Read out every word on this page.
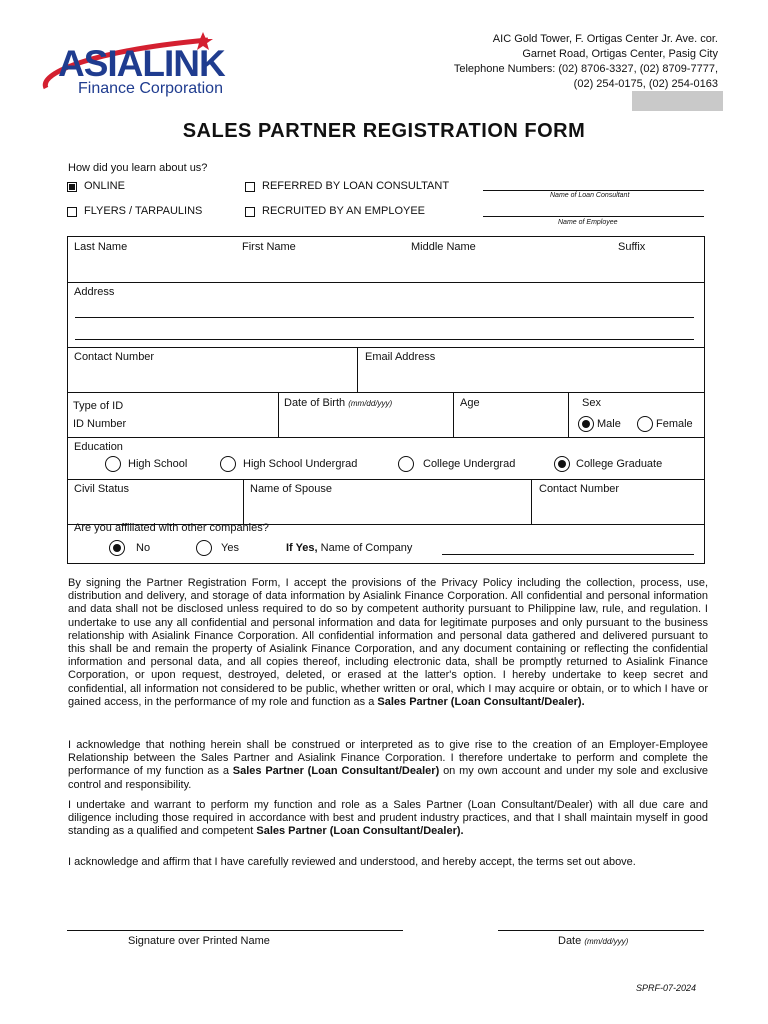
ASIALINK
Finance Corporation
AIC Gold Tower, F. Ortigas Center Jr. Ave. cor.
Garnet Road, Ortigas Center, Pasig City
Telephone Numbers: (02) 8706-3327, (02) 8709-7777,
(02) 254-0175, (02) 254-0163
SALES PARTNER REGISTRATION FORM
How did you learn about us?
ONLINE	REFERRED BY LOAN CONSULTANT
Name of Loan Consultant
FLYERS / TARPAULINS	RECRUITED BY AN EMPLOYEE
Name of Employee
Last Name	First Name	Middle Name	Suffix
Address
Contact Number	Email Address
Type of ID
ID Number
Date of Birth (mm/dd/yyy)	Age	Sex
Male	Female
Education
High School	High School Undergrad	College Undergrad	College Graduate
Civil Status	Name of Spouse	Contact Number
Are you affiliated with other companies?
No	Yes	If Yes, Name of Company
By signing the Partner Registration Form, I accept the provisions of the Privacy Policy including the collection, process, use, distribution and delivery, and storage of data information by Asialink Finance Corporation. All confidential and personal information and data shall not be disclosed unless required to do so by competent authority pursuant to Philippine law, rule, and regulation. I undertake to use any all confidential and personal information and data for legitimate purposes and only pursuant to the business relationship with Asialink Finance Corporation. All confidential information and personal data gathered and delivered pursuant to this shall be and remain the property of Asialink Finance Corporation, and any document containing or reflecting the confidential information and personal data, and all copies thereof, including electronic data, shall be promptly returned to Asialink Finance Corporation, or upon request, destroyed, deleted, or erased at the latter's option. I hereby undertake to keep secret and confidential, all information not considered to be public, whether written or oral, which I may acquire or obtain, or to which I have or gained access, in the performance of my role and function as a Sales Partner (Loan Consultant/Dealer).
I acknowledge that nothing herein shall be construed or interpreted as to give rise to the creation of an Employer-Employee Relationship between the Sales Partner and Asialink Finance Corporation. I therefore undertake to perform and complete the performance of my function as a Sales Partner (Loan Consultant/Dealer) on my own account and under my sole and exclusive control and responsibility.
I undertake and warrant to perform my function and role as a Sales Partner (Loan Consultant/Dealer) with all due care and diligence including those required in accordance with best and prudent industry practices, and that I shall maintain myself in good standing as a qualified and competent Sales Partner (Loan Consultant/Dealer).
I acknowledge and affirm that I have carefully reviewed and understood, and hereby accept, the terms set out above.
Signature over Printed Name	Date (mm/dd/yyy)
SPRF-07-2024
